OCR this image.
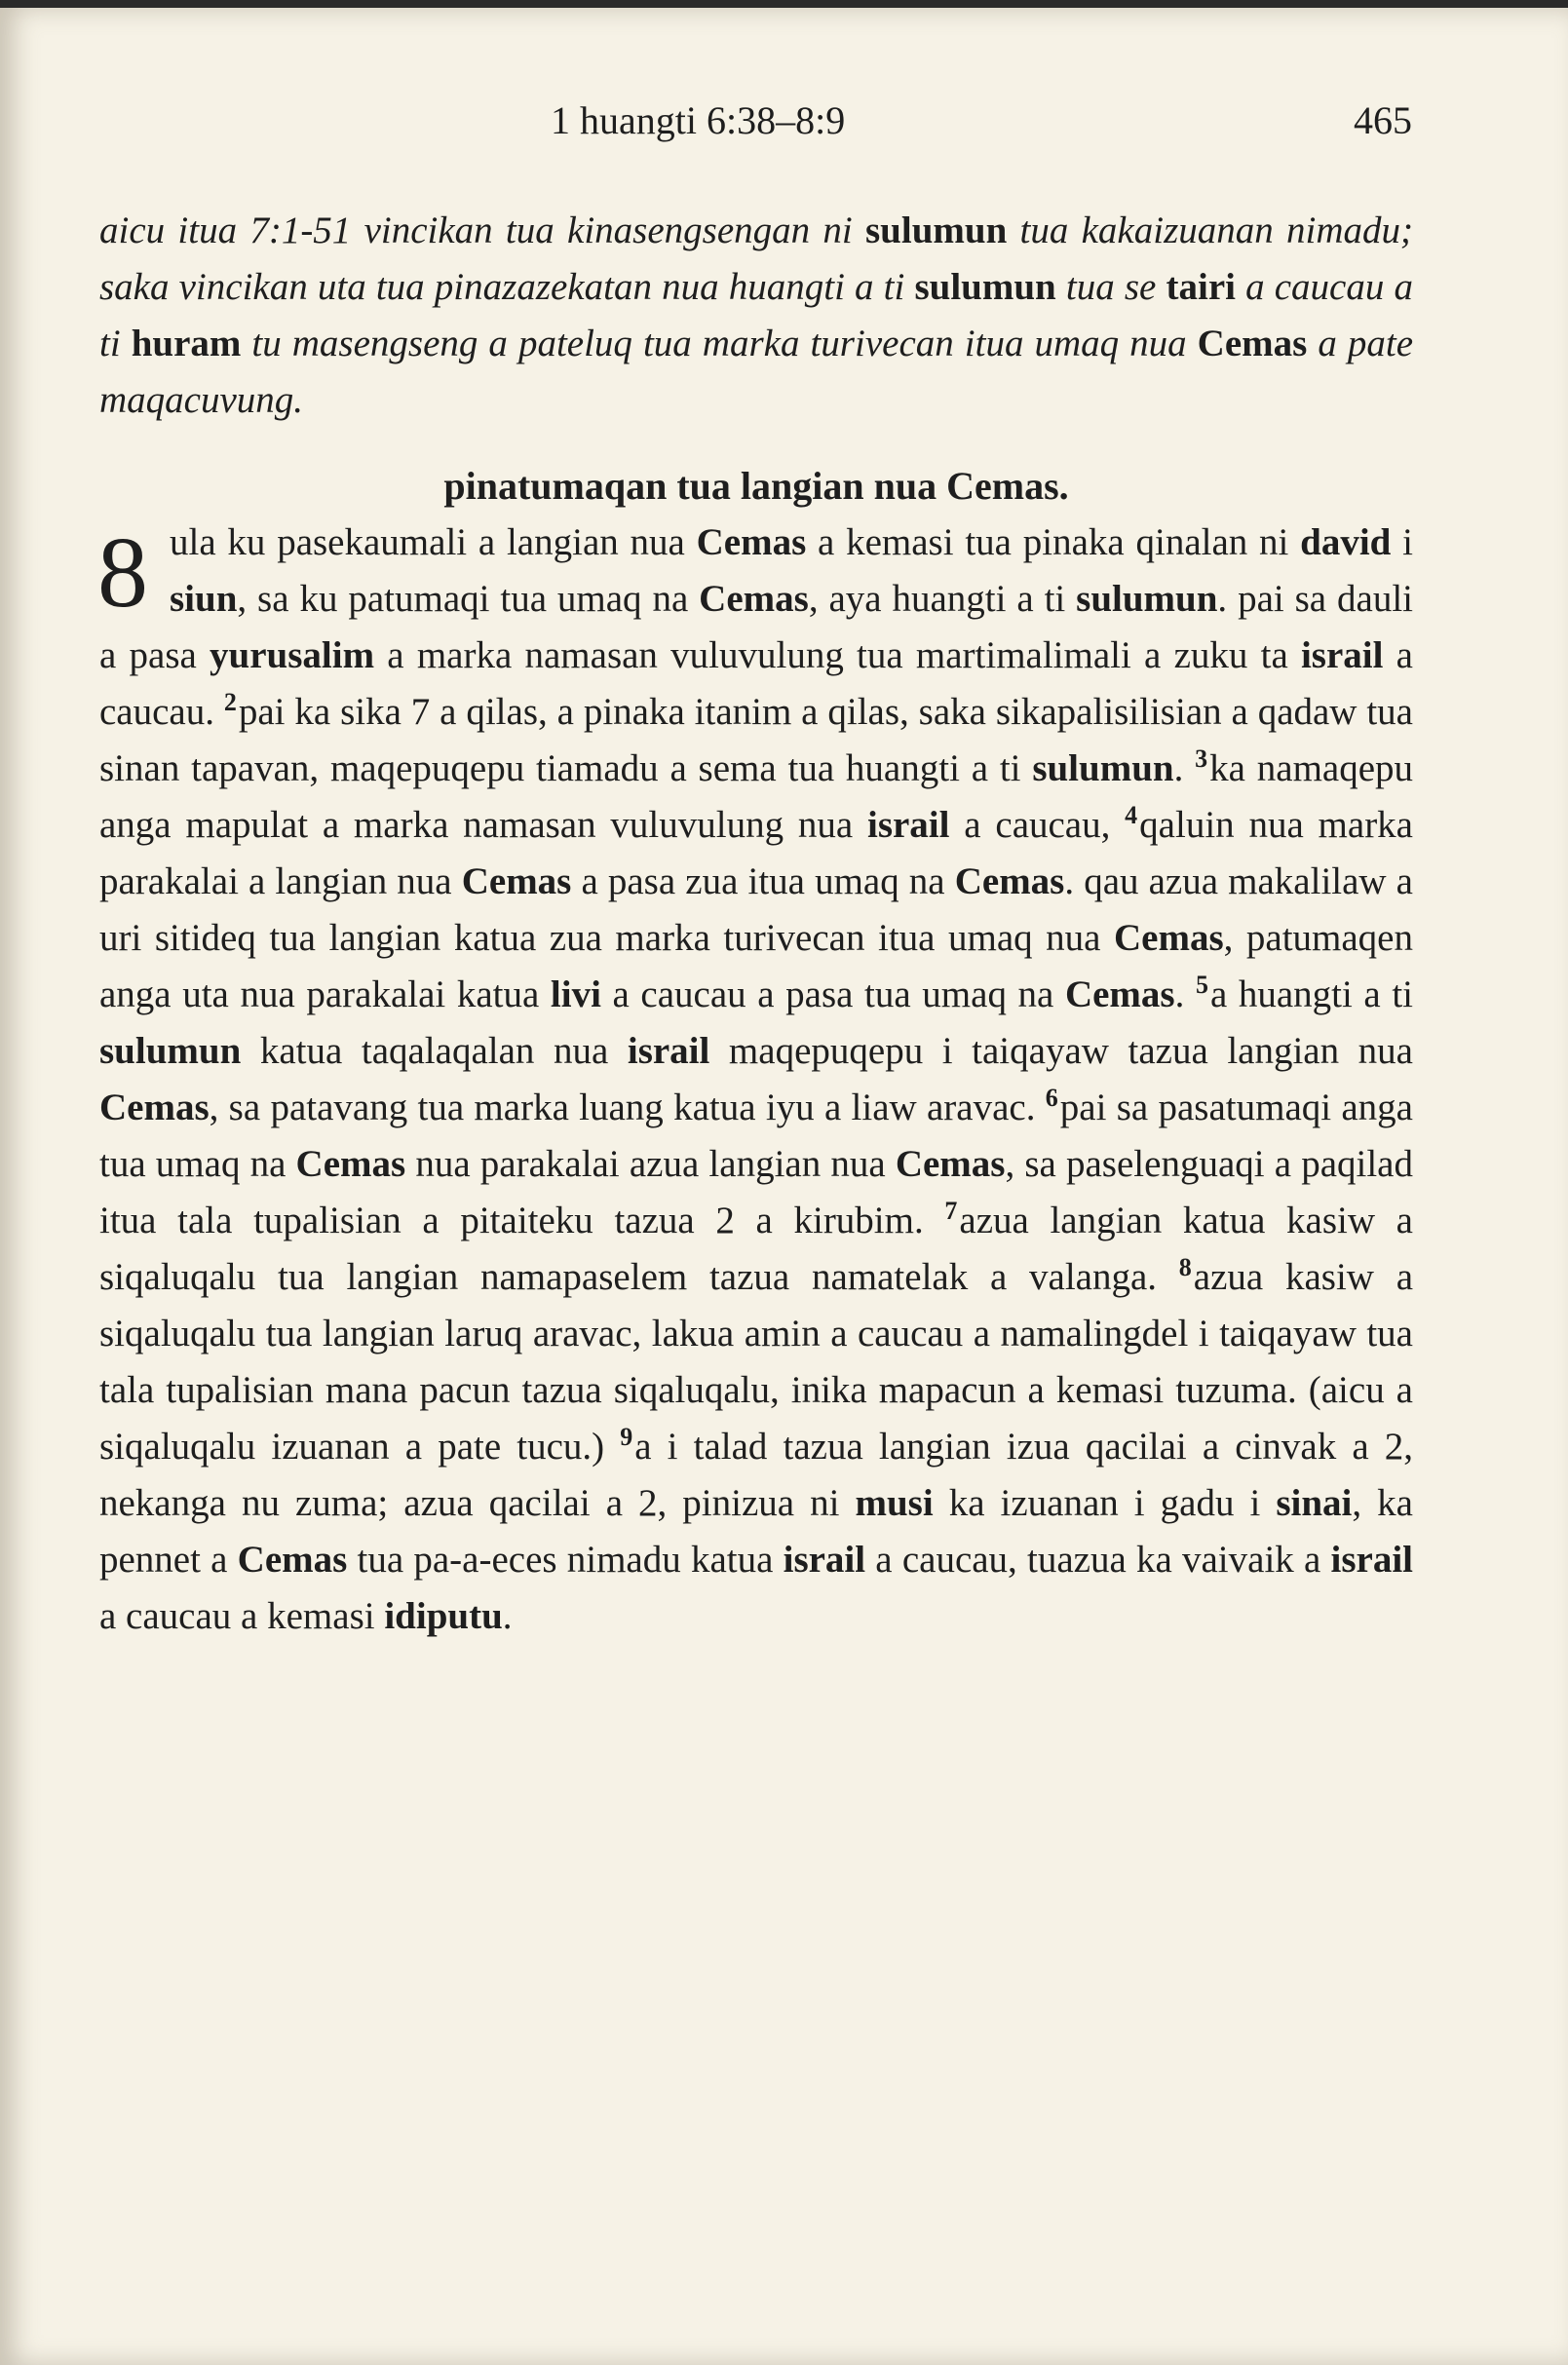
1 huangti 6:38–8:9	465

aicu itua 7:1-51 vincikan tua kinasengsengan ni sulumun tua kakaizuanan nimadu; saka vincikan uta tua pinazazekatan nua huangti a ti sulumun tua se tairi a caucau a ti huram tu masengseng a pateluq tua marka turivecan itua umaq nua Cemas a pate maqacuvung.

pinatumaqan tua langian nua Cemas.

8 ula ku pasekaumali a langian nua Cemas a kemasi tua pinaka qinalan ni david i siun, sa ku patumaqi tua umaq na Cemas, aya huangti a ti sulumun. pai sa dauli a pasa yurusalim a marka namasan vuluvulung tua martimalimali a zuku ta israil a caucau. $^2$pai ka sika 7 a qilas, a pinaka itanim a qilas, saka sikapalisilisian a qadaw tua sinan tapavan, maqepuqepu tiamadu a sema tua huangti a ti sulumun. $^3$ka namaqepu anga mapulat a marka namasan vuluvulung nua israil a caucau, $^4$qaluin nua marka parakalai a langian nua Cemas a pasa zua itua umaq na Cemas. qau azua makalilaw a uri sitideq tua langian katua zua marka turivecan itua umaq nua Cemas, patumaqen anga uta nua parakalai katua livi a caucau a pasa tua umaq na Cemas. $^5$a huangti a ti sulumun katua taqalaqalan nua israil maqepuqepu i taiqayaw tazua langian nua Cemas, sa patavang tua marka luang katua iyu a liaw aravac. $^6$pai sa pasatumaqi anga tua umaq na Cemas nua parakalai azua langian nua Cemas, sa paselenguaqi a paqilad itua tala tupalisian a pitaiteku tazua 2 a kirubim. $^7$azua langian katua kasiw a siqaluqalu tua langian namapaselem tazua namatelak a valanga. $^8$azua kasiw a siqaluqalu tua langian laruq aravac, lakua amin a caucau a namalingdel i taiqayaw tua tala tupalisian mana pacun tazua siqaluqalu, inika mapacun a kemasi tuzuma. (aicu a siqaluqalu izuanan a pate tucu.) $^9$a i talad tazua langian izua qacilai a cinvak a 2, nekanga nu zuma; azua qacilai a 2, pinizua ni musi ka izuanan i gadu i sinai, ka pennet a Cemas tua pa-a-eces nimadu katua israil a caucau, tuazua ka vaivaik a israil a caucau a kemasi idiputu.
